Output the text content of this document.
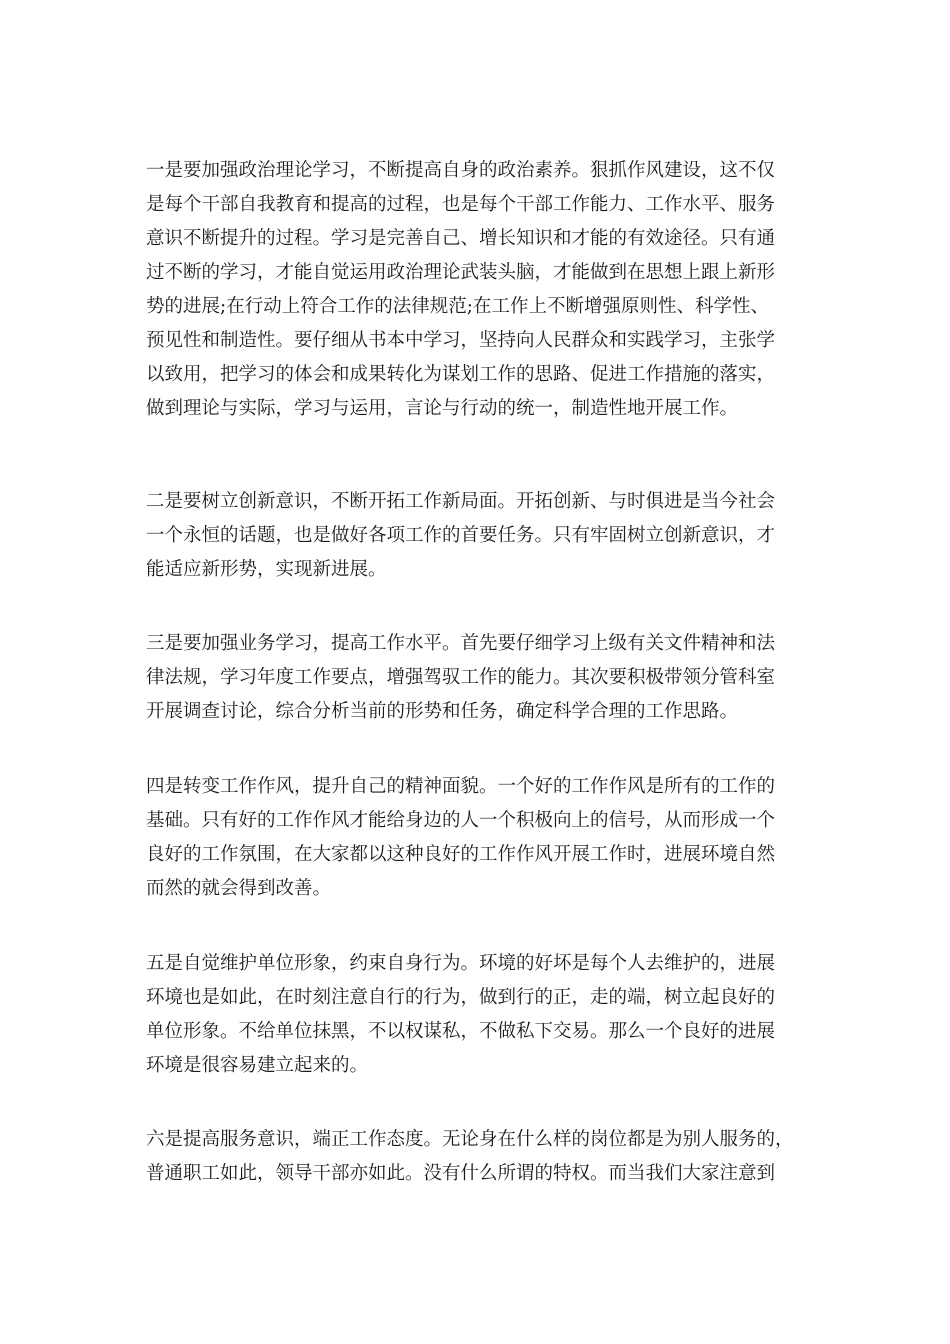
一是要加强政治理论学习，不断提高自身的政治素养。狠抓作风建设，这不仅
是每个干部自我教育和提高的过程，也是每个干部工作能力、工作水平、服务
意识不断提升的过程。学习是完善自己、增长知识和才能的有效途径。只有通
过不断的学习，才能自觉运用政治理论武装头脑，才能做到在思想上跟上新形
势的进展;在行动上符合工作的法律规范;在工作上不断增强原则性、科学性、
预见性和制造性。要仔细从书本中学习，坚持向人民群众和实践学习，主张学
以致用，把学习的体会和成果转化为谋划工作的思路、促进工作措施的落实，
做到理论与实际，学习与运用，言论与行动的统一，制造性地开展工作。
二是要树立创新意识，不断开拓工作新局面。开拓创新、与时俱进是当今社会
一个永恒的话题，也是做好各项工作的首要任务。只有牢固树立创新意识，才
能适应新形势，实现新进展。
三是要加强业务学习，提高工作水平。首先要仔细学习上级有关文件精神和法
律法规，学习年度工作要点，增强驾驭工作的能力。其次要积极带领分管科室
开展调查讨论，综合分析当前的形势和任务，确定科学合理的工作思路。
四是转变工作作风，提升自己的精神面貌。一个好的工作作风是所有的工作的
基础。只有好的工作作风才能给身边的人一个积极向上的信号，从而形成一个
良好的工作氛围，在大家都以这种良好的工作作风开展工作时，进展环境自然
而然的就会得到改善。
五是自觉维护单位形象，约束自身行为。环境的好坏是每个人去维护的，进展
环境也是如此，在时刻注意自行的行为，做到行的正，走的端，树立起良好的
单位形象。不给单位抹黑，不以权谋私，不做私下交易。那么一个良好的进展
环境是很容易建立起来的。
六是提高服务意识，端正工作态度。无论身在什么样的岗位都是为别人服务的，
普通职工如此，领导干部亦如此。没有什么所谓的特权。而当我们大家注意到
